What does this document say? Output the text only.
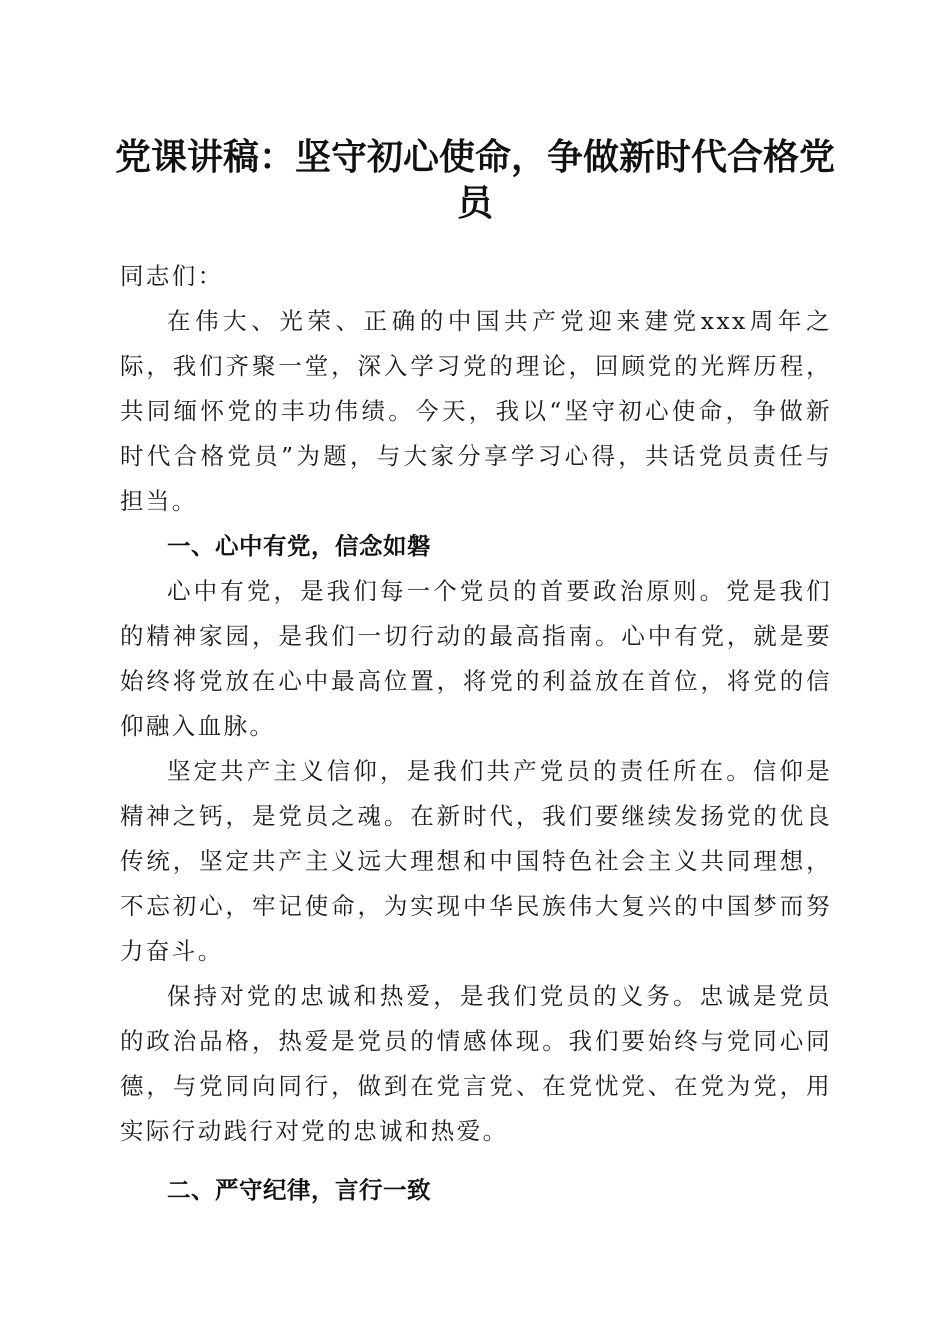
党课讲稿：坚守初心使命，争做新时代合格党员

同志们：

在伟大、光荣、正确的中国共产党迎来建党xxx周年之际，我们齐聚一堂，深入学习党的理论，回顾党的光辉历程，共同缅怀党的丰功伟绩。今天，我以“坚守初心使命，争做新时代合格党员”为题，与大家分享学习心得，共话党员责任与担当。

一、心中有党，信念如磐

心中有党，是我们每一个党员的首要政治原则。党是我们的精神家园，是我们一切行动的最高指南。心中有党，就是要始终将党放在心中最高位置，将党的利益放在首位，将党的信仰融入血脉。

坚定共产主义信仰，是我们共产党员的责任所在。信仰是精神之钙，是党员之魂。在新时代，我们要继续发扬党的优良传统，坚定共产主义远大理想和中国特色社会主义共同理想，不忘初心，牢记使命，为实现中华民族伟大复兴的中国梦而努力奋斗。

保持对党的忠诚和热爱，是我们党员的义务。忠诚是党员的政治品格，热爱是党员的情感体现。我们要始终与党同心同德，与党同向同行，做到在党言党、在党忧党、在党为党，用实际行动践行对党的忠诚和热爱。

二、严守纪律，言行一致
